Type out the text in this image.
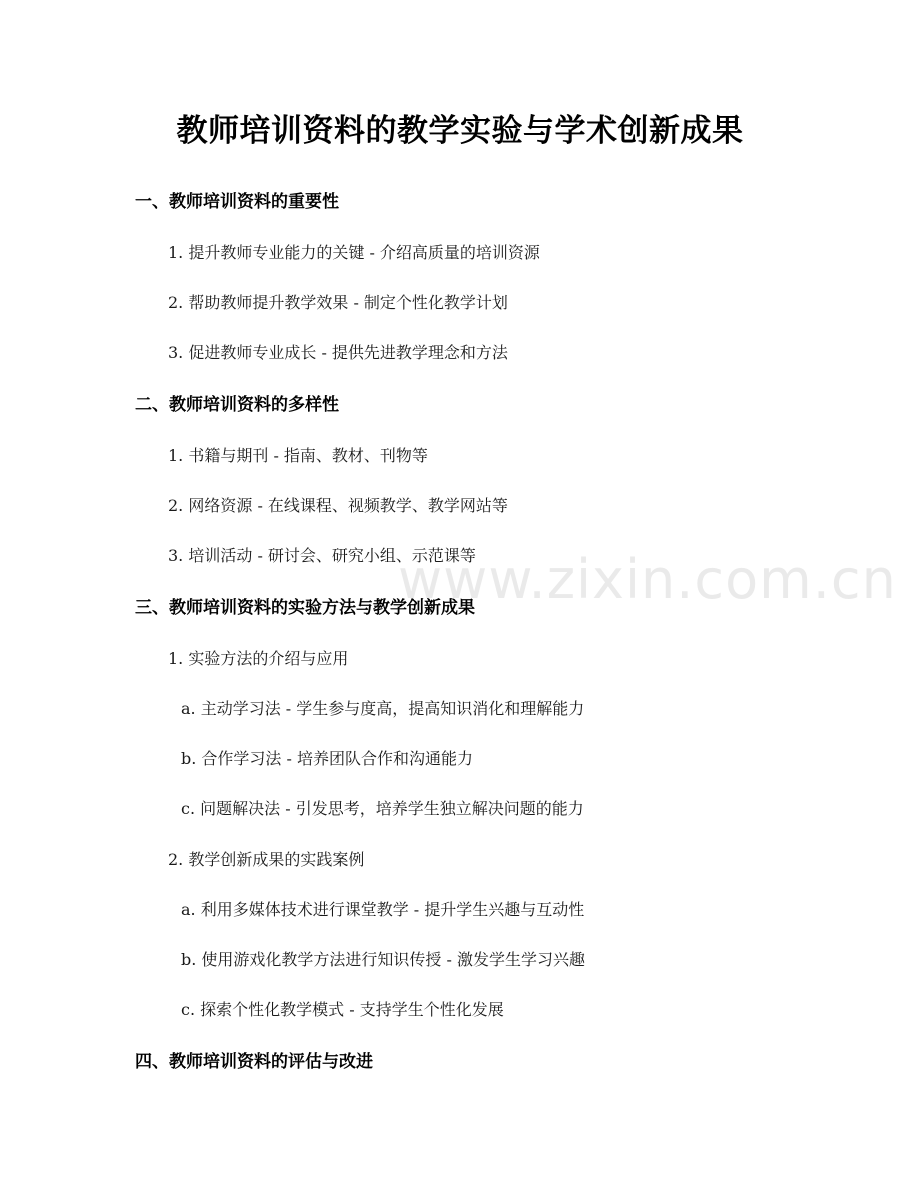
www.zixin.com.cn
教师培训资料的教学实验与学术创新成果
一、教师培训资料的重要性
1. 提升教师专业能力的关键 - 介绍高质量的培训资源
2. 帮助教师提升教学效果 - 制定个性化教学计划
3. 促进教师专业成长 - 提供先进教学理念和方法
二、教师培训资料的多样性
1. 书籍与期刊 - 指南、教材、刊物等
2. 网络资源 - 在线课程、视频教学、教学网站等
3. 培训活动 - 研讨会、研究小组、示范课等
三、教师培训资料的实验方法与教学创新成果
1. 实验方法的介绍与应用
a. 主动学习法 - 学生参与度高，提高知识消化和理解能力
b. 合作学习法 - 培养团队合作和沟通能力
c. 问题解决法 - 引发思考，培养学生独立解决问题的能力
2. 教学创新成果的实践案例
a. 利用多媒体技术进行课堂教学 - 提升学生兴趣与互动性
b. 使用游戏化教学方法进行知识传授 - 激发学生学习兴趣
c. 探索个性化教学模式 - 支持学生个性化发展
四、教师培训资料的评估与改进
